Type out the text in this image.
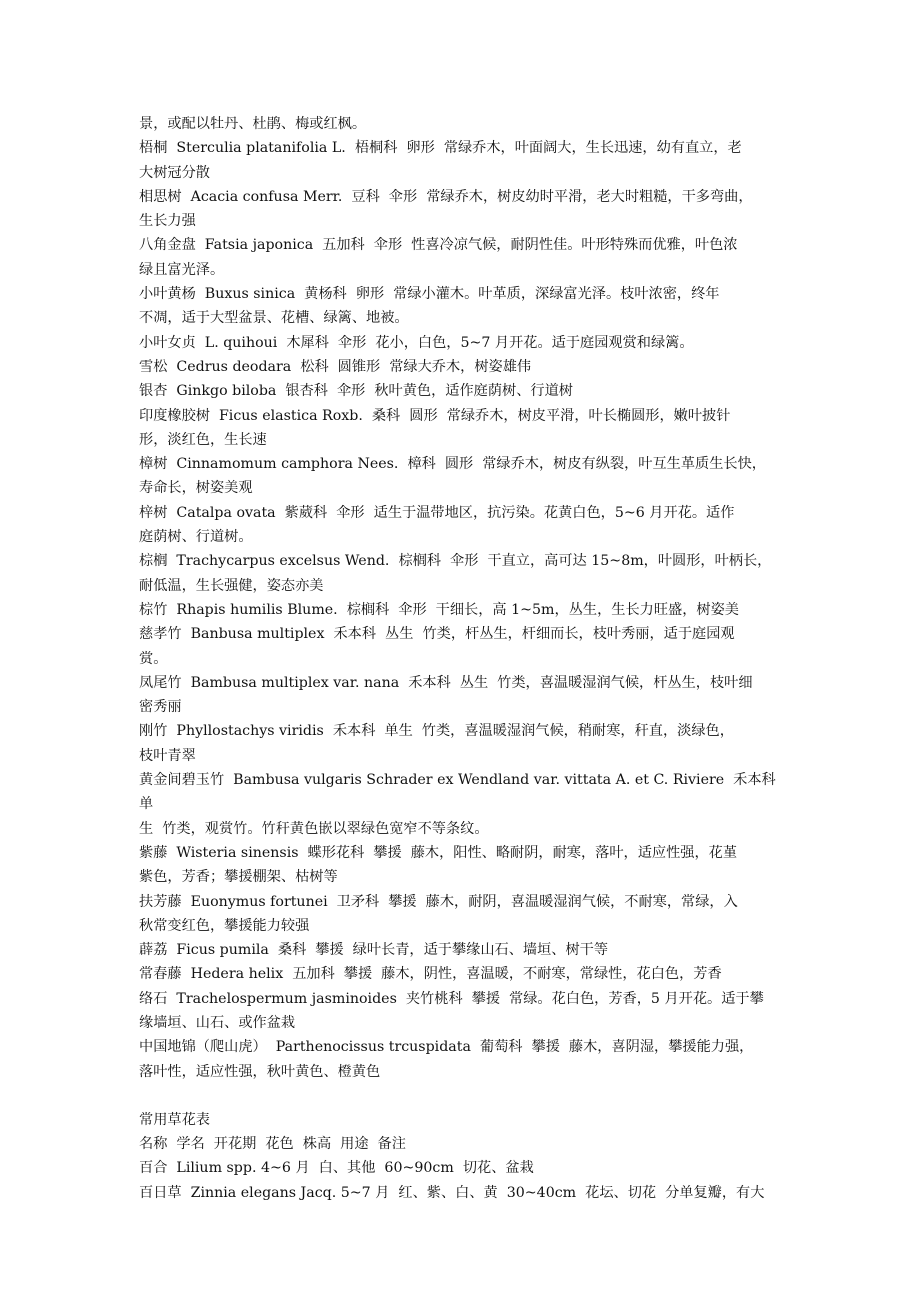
景，或配以牡丹、杜鹃、梅或红枫。
梧桐  Sterculia platanifolia L.  梧桐科  卵形  常绿乔木，叶面阔大，生长迅速，幼有直立，老
大树冠分散
相思树  Acacia confusa Merr.  豆科  伞形  常绿乔木，树皮幼时平滑，老大时粗糙，干多弯曲，
生长力强
八角金盘  Fatsia japonica  五加科  伞形  性喜冷凉气候，耐阴性佳。叶形特殊而优雅，叶色浓
绿且富光泽。
小叶黄杨  Buxus sinica  黄杨科  卵形  常绿小灌木。叶革质，深绿富光泽。枝叶浓密，终年
不凋，适于大型盆景、花槽、绿篱、地被。
小叶女贞  L. quihoui  木犀科  伞形  花小，白色，5~7 月开花。适于庭园观赏和绿篱。
雪松  Cedrus deodara  松科  圆锥形  常绿大乔木，树姿雄伟
银杏  Ginkgo biloba  银杏科  伞形  秋叶黄色，适作庭荫树、行道树
印度橡胶树  Ficus elastica Roxb.  桑科  圆形  常绿乔木，树皮平滑，叶长椭圆形，嫩叶披针
形，淡红色，生长速
樟树  Cinnamomum camphora Nees.  樟科  圆形  常绿乔木，树皮有纵裂，叶互生革质生长快，
寿命长，树姿美观
梓树  Catalpa ovata  紫葳科  伞形  适生于温带地区，抗污染。花黄白色，5~6 月开花。适作
庭荫树、行道树。
棕榈  Trachycarpus excelsus Wend.  棕榈科  伞形  干直立，高可达 15~8m，叶圆形，叶柄长，
耐低温，生长强健，姿态亦美
棕竹  Rhapis humilis Blume.  棕榈科  伞形  干细长，高 1~5m，丛生，生长力旺盛，树姿美
慈孝竹  Banbusa multiplex  禾本科  丛生  竹类，杆丛生，杆细而长，枝叶秀丽，适于庭园观
赏。
凤尾竹  Bambusa multiplex var. nana  禾本科  丛生  竹类，喜温暖湿润气候，杆丛生，枝叶细
密秀丽
刚竹  Phyllostachys viridis  禾本科  单生  竹类，喜温暖湿润气候，稍耐寒，秆直，淡绿色，
枝叶青翠
黄金间碧玉竹  Bambusa vulgaris Schrader ex Wendland var. vittata A. et C. Riviere  禾本科  单
生  竹类，观赏竹。竹秆黄色嵌以翠绿色宽窄不等条纹。
紫藤  Wisteria sinensis  蝶形花科  攀援  藤木，阳性、略耐阴，耐寒，落叶，适应性强，花堇
紫色，芳香；攀援棚架、枯树等
扶芳藤  Euonymus fortunei  卫矛科  攀援  藤木，耐阴，喜温暖湿润气候，不耐寒，常绿，入
秋常变红色，攀援能力较强
薜荔  Ficus pumila  桑科  攀援  绿叶长青，适于攀缘山石、墙垣、树干等
常春藤  Hedera helix  五加科  攀援  藤木，阴性，喜温暖，不耐寒，常绿性，花白色，芳香
络石  Trachelospermum jasminoides  夹竹桃科  攀援  常绿。花白色，芳香，5 月开花。适于攀
缘墙垣、山石、或作盆栽
中国地锦（爬山虎）  Parthenocissus trcuspidata  葡萄科  攀援  藤木，喜阴湿，攀援能力强，
落叶性，适应性强，秋叶黄色、橙黄色
常用草花表
名称  学名  开花期  花色  株高  用途  备注
百合  Lilium spp. 4~6 月  白、其他  60~90cm  切花、盆栽
百日草  Zinnia elegans Jacq. 5~7 月  红、紫、白、黄  30~40cm  花坛、切花  分单复瓣，有大
